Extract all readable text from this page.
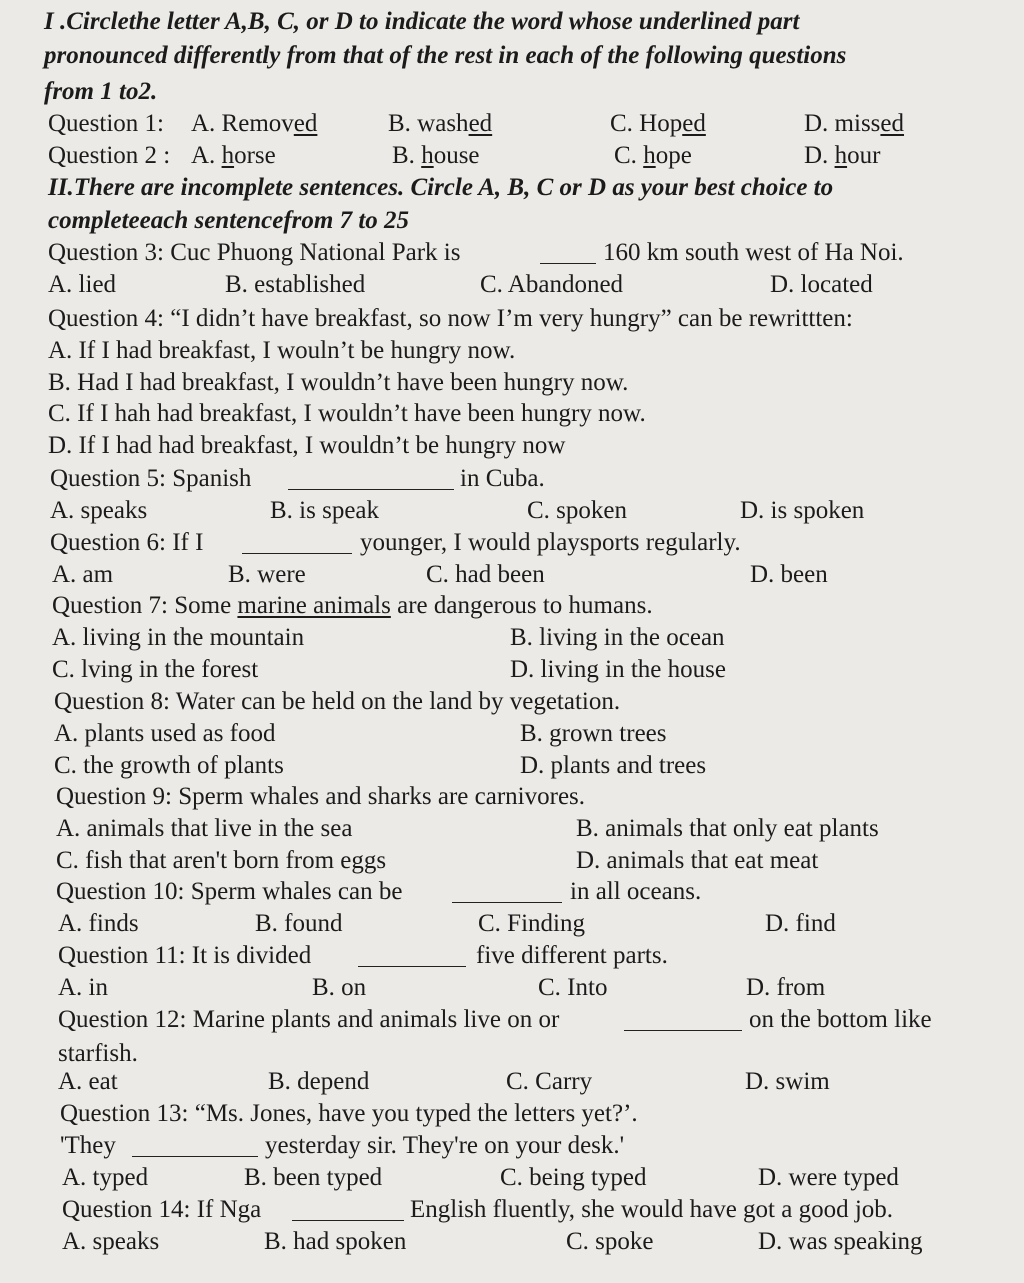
I .Circlethe letter A,B, C, or D to indicate the word whose underlined part
pronounced differently from that of the rest in each of the following questions
from 1 to2.
Question 1: A. Removed	B. washed	C. Hoped	D. missed
Question 2 : A. horse	B. house	C. hope	D. hour
II.There are incomplete sentences. Circle A, B, C or D as your best choice to
completeeach sentencefrom 7 to 25
Question 3: Cuc Phuong National Park is	160 km south west of Ha Noi.
A. lied	B. established	C. Abandoned	D. located
Question 4: “I didn’t have breakfast, so now I’m very hungry” can be rewrittten:
A. If I had breakfast, I wouln’t be hungry now.
B. Had I had breakfast, I wouldn’t have been hungry now.
C. If I hah had breakfast, I wouldn’t have been hungry now.
D. If I had had breakfast, I wouldn’t be hungry now
Question 5: Spanish	in Cuba.
A. speaks	B. is speak	C. spoken	D. is spoken
Question 6: If I	younger, I would playsports regularly.
A. am	B. were	C. had been	D. been
Question 7: Some marine animals are dangerous to humans.
A. living in the mountain	B. living in the ocean
C. lving in the forest	D. living in the house
Question 8: Water can be held on the land by vegetation.
A. plants used as food	B. grown trees
C. the growth of plants	D. plants and trees
Question 9: Sperm whales and sharks are carnivores.
A. animals that live in the sea	B. animals that only eat plants
C. fish that aren't born from eggs	D. animals that eat meat
Question 10: Sperm whales can be	in all oceans.
A. finds	B. found	C. Finding	D. find
Question 11: It is divided	five different parts.
A. in	B. on	C. Into	D. from
Question 12: Marine plants and animals live on or	on the bottom like
starfish.
A. eat	B. depend	C. Carry	D. swim
Question 13: “Ms. Jones, have you typed the letters yet?’.
'They	yesterday sir. They're on your desk.'
A. typed	B. been typed	C. being typed	D. were typed
Question 14: If Nga	English fluently, she would have got a good job.
A. speaks	B. had spoken	C. spoke	D. was speaking
